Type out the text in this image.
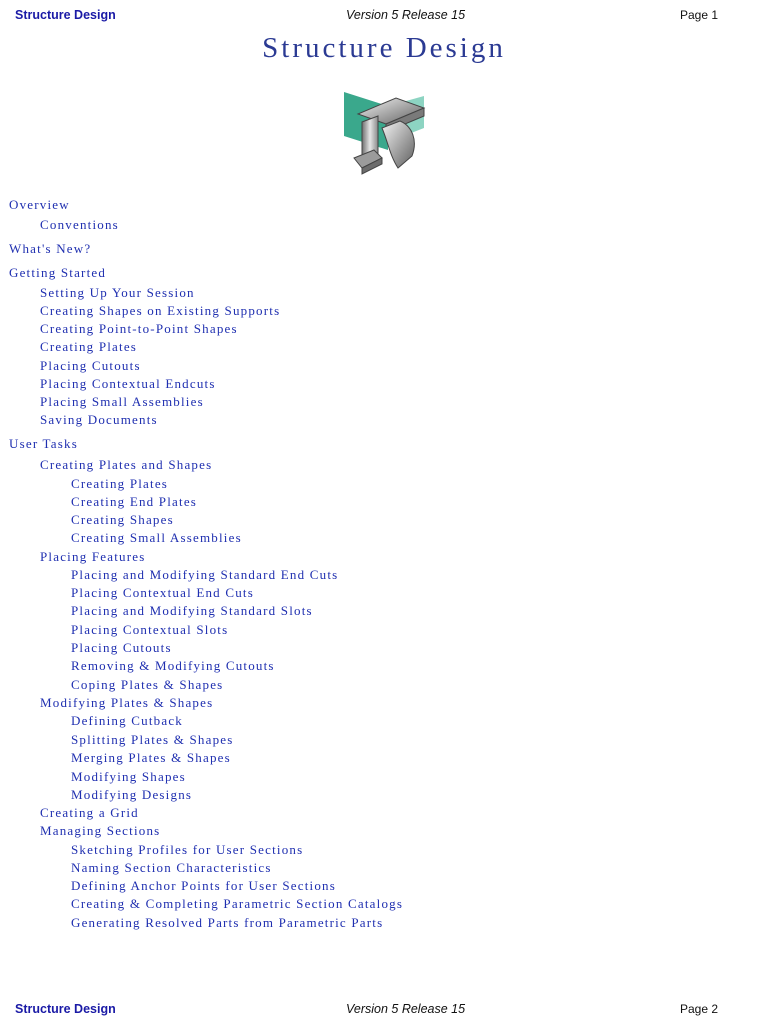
Structure Design	Version 5 Release 15	Page 1
Structure Design
Overview
Conventions
What's New?
Getting Started
Setting Up Your Session
Creating Shapes on Existing Supports
Creating Point-to-Point Shapes
Creating Plates
Placing Cutouts
Placing Contextual Endcuts
Placing Small Assemblies
Saving Documents
User Tasks
Creating Plates and Shapes
Creating Plates
Creating End Plates
Creating Shapes
Creating Small Assemblies
Placing Features
Placing and Modifying Standard End Cuts
Placing Contextual End Cuts
Placing and Modifying Standard Slots
Placing Contextual Slots
Placing Cutouts
Removing & Modifying Cutouts
Coping Plates & Shapes
Modifying Plates & Shapes
Defining Cutback
Splitting Plates & Shapes
Merging Plates & Shapes
Modifying Shapes
Modifying Designs
Creating a Grid
Managing Sections
Sketching Profiles for User Sections
Naming Section Characteristics
Defining Anchor Points for User Sections
Creating & Completing Parametric Section Catalogs
Generating Resolved Parts from Parametric Parts
Structure Design	Version 5 Release 15	Page 2
